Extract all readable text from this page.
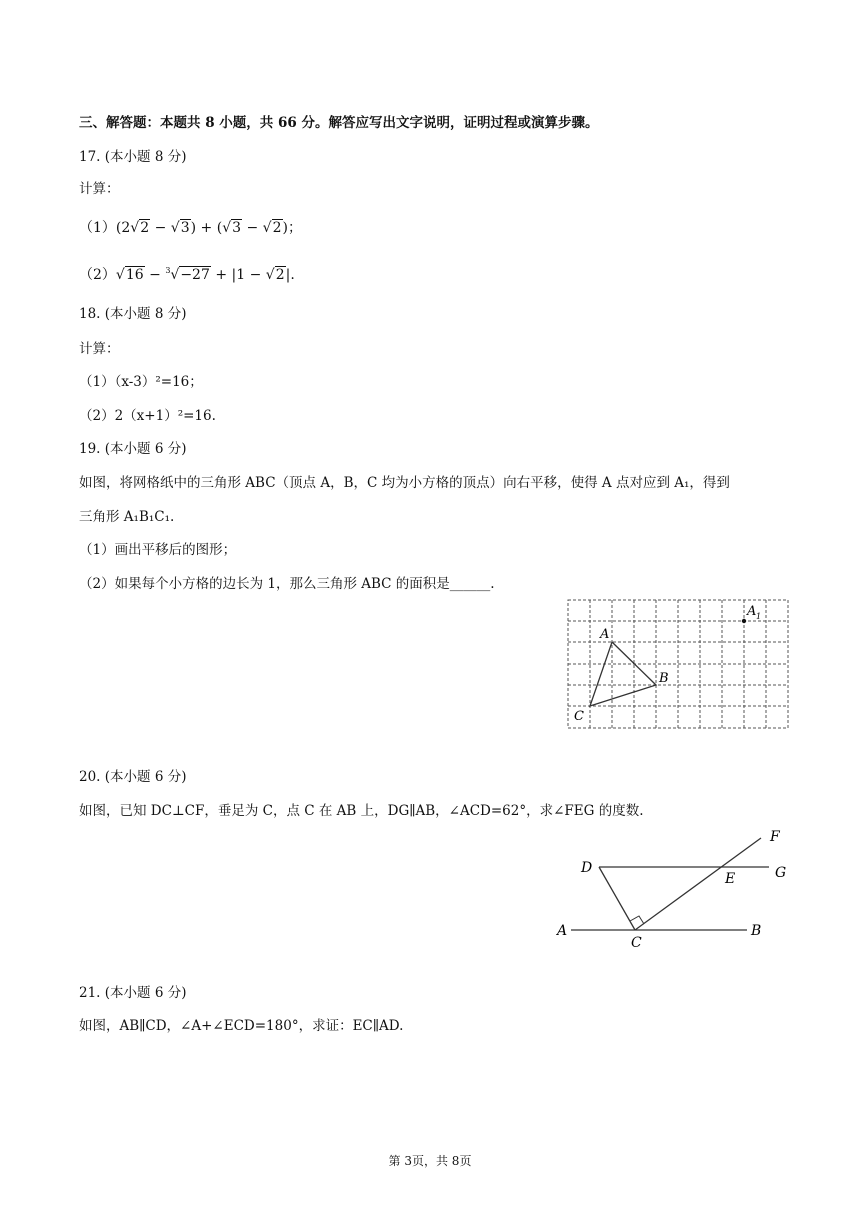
三、解答题：本题共 8 小题，共 66 分。解答应写出文字说明，证明过程或演算步骤。
17. (本小题 8 分)
计算：
（1）(2√2 − √3) + (√3 − √2)；
（2）√16 − $^3$√−27 + |1 − √2|.
18. (本小题 8 分)
计算：
（1）（x-3）²=16；
（2）2（x+1）²=16.
19. (本小题 6 分)
如图，将网格纸中的三角形 ABC（顶点 A，B，C 均为小方格的顶点）向右平移，使得 A 点对应到 A₁，得到
三角形 A₁B₁C₁.
（1）画出平移后的图形；
（2）如果每个小方格的边长为 1，那么三角形 ABC 的面积是______.
A
B
C
A 1
20. (本小题 6 分)
如图，已知 DC⊥CF，垂足为 C，点 C 在 AB 上，DG∥AB，∠ACD=62°，求∠FEG 的度数.
D	G
E
F
A	B
C
21. (本小题 6 分)
如图，AB∥CD，∠A+∠ECD=180°，求证：EC∥AD.
第 3页，共 8页
